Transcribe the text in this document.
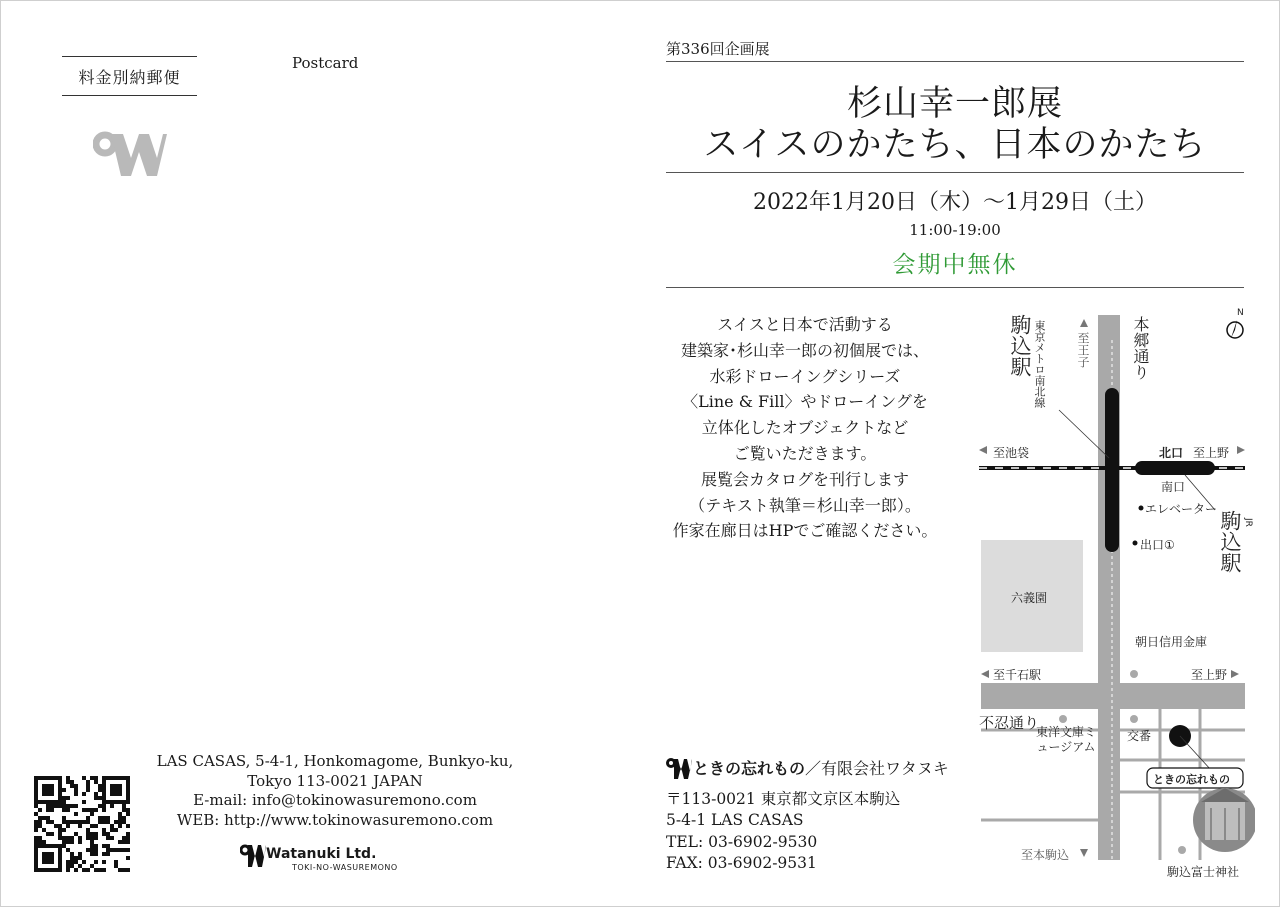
料金別納郵便
Postcard
LAS CASAS, 5-4-1, Honkomagome, Bunkyo-ku,
Tokyo 113-0021 JAPAN
E-mail: info@tokinowasuremono.com
WEB: http://www.tokinowasuremono.com
Watanuki Ltd.
TOKI-NO-WASUREMONO
第336回企画展
杉山幸一郎展
スイスのかたち、日本のかたち
2022年1月20日（木）～1月29日（土）
11:00-19:00
会期中無休
スイスと日本で活動する
建築家･杉山幸一郎の初個展では、
水彩ドローイングシリーズ
〈Line & Fill〉やドローイングを
立体化したオブジェクトなど
ご覧いただきます。
展覧会カタログを刊行します
（テキスト執筆＝杉山幸一郎）。
作家在廊日はHPでご確認ください。
ときの忘れもの／有限会社ワタヌキ
〒113-0021 東京都文京区本駒込
5-4-1 LAS CASAS
TEL: 03-6902-9530
FAX: 03-6902-9531
N
駒込駅 東京メトロ南北線	至王子	本郷通り
至池袋	北口 至上野
南口
エレベーター
出口① 駒込駅 JR
六義園
朝日信用金庫
至千石駅	至上野
不忍通り
交番
東洋文庫ミュージアム
ときの忘れもの
至本駒込
駒込富士神社
